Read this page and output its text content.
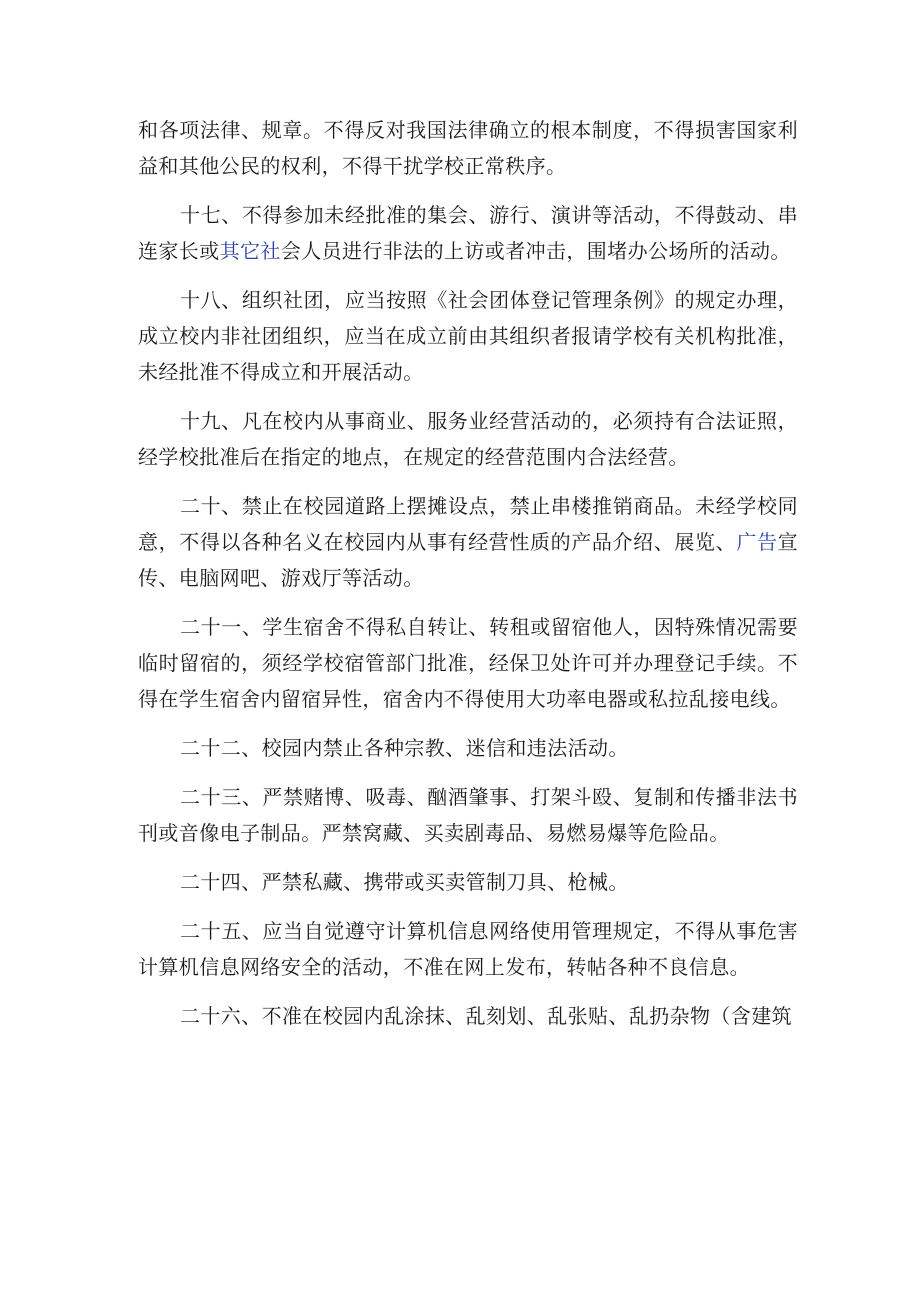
和各项法律、规章。不得反对我国法律确立的根本制度，不得损害国家利益和其他公民的权利，不得干扰学校正常秩序。

十七、不得参加未经批准的集会、游行、演讲等活动，不得鼓动、串连家长或其它社会人员进行非法的上访或者冲击，围堵办公场所的活动。

十八、组织社团，应当按照《社会团体登记管理条例》的规定办理，成立校内非社团组织，应当在成立前由其组织者报请学校有关机构批准，未经批准不得成立和开展活动。

十九、凡在校内从事商业、服务业经营活动的，必须持有合法证照，经学校批准后在指定的地点，在规定的经营范围内合法经营。

二十、禁止在校园道路上摆摊设点，禁止串楼推销商品。未经学校同意，不得以各种名义在校园内从事有经营性质的产品介绍、展览、广告宣传、电脑网吧、游戏厅等活动。

二十一、学生宿舍不得私自转让、转租或留宿他人，因特殊情况需要临时留宿的，须经学校宿管部门批准，经保卫处许可并办理登记手续。不得在学生宿舍内留宿异性，宿舍内不得使用大功率电器或私拉乱接电线。

二十二、校园内禁止各种宗教、迷信和违法活动。

二十三、严禁赌博、吸毒、酗酒肇事、打架斗殴、复制和传播非法书刊或音像电子制品。严禁窝藏、买卖剧毒品、易燃易爆等危险品。

二十四、严禁私藏、携带或买卖管制刀具、枪械。

二十五、应当自觉遵守计算机信息网络使用管理规定，不得从事危害计算机信息网络安全的活动，不准在网上发布，转帖各种不良信息。

二十六、不准在校园内乱涂抹、乱刻划、乱张贴、乱扔杂物（含建筑
